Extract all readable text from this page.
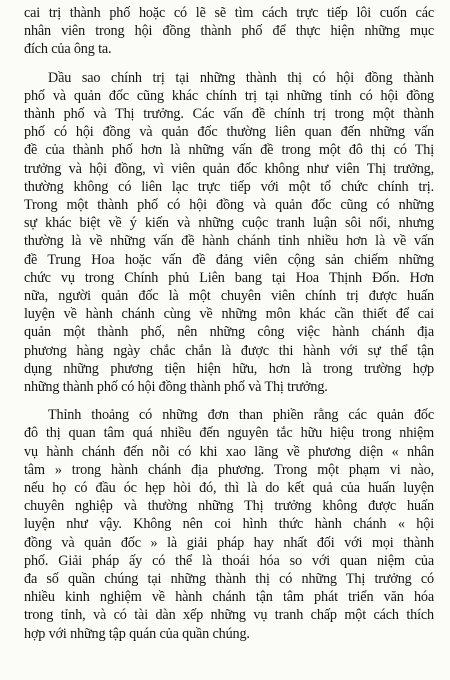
cai trị thành phố hoặc có lẽ sẽ tìm cách trực tiếp lôi cuốn các
nhân viên trong hội đồng thành phố để thực hiện những mục
đích của ông ta.
Dầu sao chính trị tại những thành thị có hội đồng thành
phố và quản đốc cũng khác chính trị tại những tỉnh có hội đồng
thành phố và Thị trưởng. Các vấn đề chính trị trong một thành
phố có hội đồng và quản đốc thường liên quan đến những vấn
đề của thành phố hơn là những vấn đề trong một đô thị có Thị
trưởng và hội đồng, vì viên quản đốc không như viên Thị trưởng,
thường không có liên lạc trực tiếp với một tổ chức chính trị.
Trong một thành phố có hội đồng và quản đốc cũng có những
sự khác biệt về ý kiến và những cuộc tranh luận sôi nổi, nhưng
thường là về những vấn đề hành chánh tỉnh nhiều hơn là về vấn
đề Trung Hoa hoặc vấn đề đảng viên cộng sản chiếm những
chức vụ trong Chính phủ Liên bang tại Hoa Thịnh Đốn. Hơn
nữa, người quản đốc là một chuyên viên chính trị được huấn
luyện về hành chánh cùng về những môn khác cần thiết để cai
quản một thành phố, nên những công việc hành chánh địa
phương hàng ngày chắc chắn là được thi hành với sự thể tận
dụng những phương tiện hiện hữu, hơn là trong trường hợp
những thành phố có hội đồng thành phố và Thị trưởng.
Thỉnh thoảng có những đơn than phiền rằng các quản đốc
đô thị quan tâm quá nhiều đến nguyên tắc hữu hiệu trong nhiệm
vụ hành chánh đến nỗi có khi xao lãng về phương diện « nhân
tâm » trong hành chánh địa phương. Trong một phạm vi nào,
nếu họ có đầu óc hẹp hòi đó, thì là do kết quả của huấn luyện
chuyên nghiệp và thường những Thị trưởng không được huấn
luyện như vậy. Không nên coi hình thức hành chánh « hội
đồng và quản đốc » là giải pháp hay nhất đối với mọi thành
phố. Giải pháp ấy có thể là thoái hóa so với quan niệm của
đa số quần chúng tại những thành thị có những Thị trưởng có
nhiều kinh nghiệm về hành chánh tận tâm phát triển văn hóa
trong tỉnh, và có tài dàn xếp những vụ tranh chấp một cách thích
hợp với những tập quán của quần chúng.
